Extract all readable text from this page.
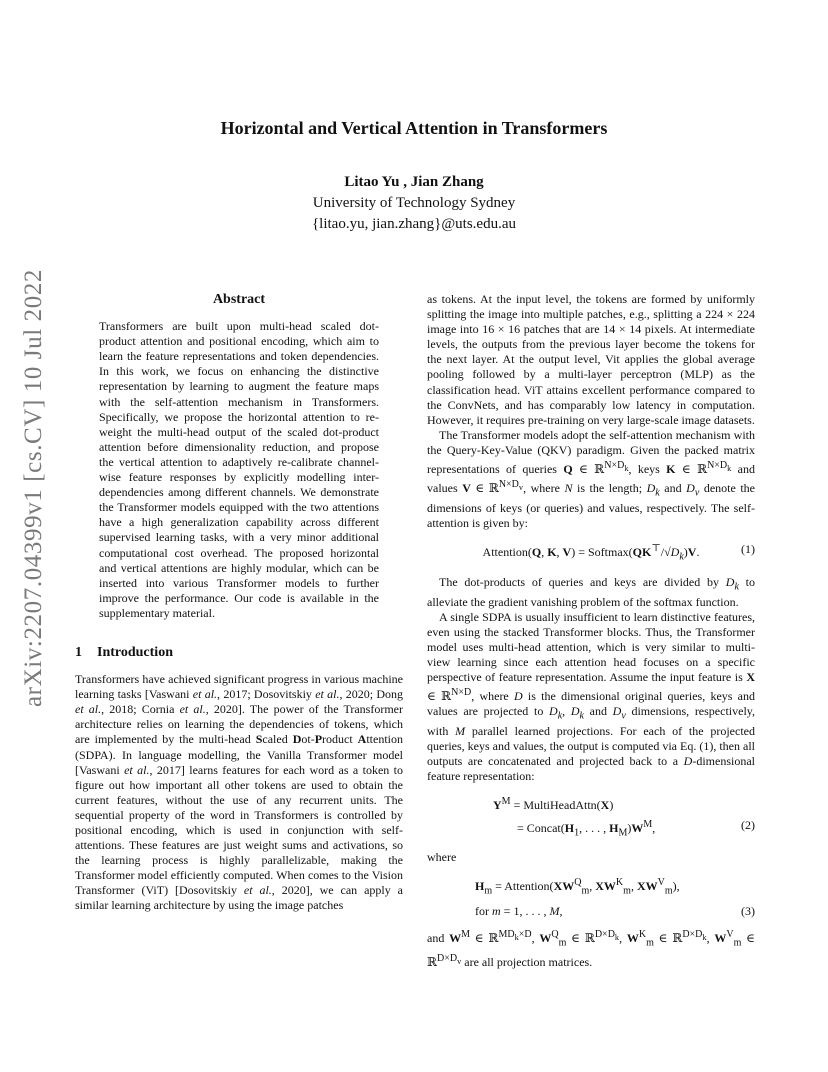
arXiv:2207.04399v1 [cs.CV] 10 Jul 2022
Horizontal and Vertical Attention in Transformers
Litao Yu , Jian Zhang
University of Technology Sydney
{litao.yu, jian.zhang}@uts.edu.au

Abstract

Transformers are built upon multi-head scaled dot-product attention and positional encoding, which aim to learn the feature representations and token dependencies. In this work, we focus on enhancing the distinctive representation by learning to augment the feature maps with the self-attention mechanism in Transformers. Specifically, we propose the horizontal attention to re-weight the multi-head output of the scaled dot-product attention before dimensionality reduction, and propose the vertical attention to adaptively re-calibrate channel-wise feature responses by explicitly modelling inter-dependencies among different channels. We demonstrate the Transformer models equipped with the two attentions have a high generalization capability across different supervised learning tasks, with a very minor additional computational cost overhead. The proposed horizontal and vertical attentions are highly modular, which can be inserted into various Transformer models to further improve the performance. Our code is available in the supplementary material.

1 Introduction

Transformers have achieved significant progress in various machine learning tasks [Vaswani et al., 2017; Dosovitskiy et al., 2020; Dong et al., 2018; Cornia et al., 2020]. The power of the Transformer architecture relies on learning the dependencies of tokens, which are implemented by the multi-head Scaled Dot-Product Attention (SDPA). In language modelling, the Vanilla Transformer model [Vaswani et al., 2017] learns features for each word as a token to figure out how important all other tokens are used to obtain the current features, without the use of any recurrent units. The sequential property of the word in Transformers is controlled by positional encoding, which is used in conjunction with self-attentions. These features are just weight sums and activations, so the learning process is highly parallelizable, making the Transformer model efficiently computed. When comes to the Vision Transformer (ViT) [Dosovitskiy et al., 2020], we can apply a similar learning architecture by using the image patches

as tokens. At the input level, the tokens are formed by uniformly splitting the image into multiple patches, e.g., splitting a 224 × 224 image into 16 × 16 patches that are 14 × 14 pixels. At intermediate levels, the outputs from the previous layer become the tokens for the next layer. At the output level, Vit applies the global average pooling followed by a multi-layer perceptron (MLP) as the classification head. ViT attains excellent performance compared to the ConvNets, and has comparably low latency in computation. However, it requires pre-training on very large-scale image datasets.

The Transformer models adopt the self-attention mechanism with the Query-Key-Value (QKV) paradigm. Given the packed matrix representations of queries Q ∈ ℝ$^{N\times D_k}$, keys K ∈ ℝ$^{N\times D_k}$ and values V ∈ ℝ$^{N\times D_v}$, where N is the length; $D_k$ and $D_v$ denote the dimensions of keys (or queries) and values, respectively. The self-attention is given by:

Attention(Q, K, $V) = Softmax(QK^⊤/√D_k)V$.	(1)

The dot-products of queries and keys are divided by $D_k$ to alleviate the gradient vanishing problem of the softmax function.

A single SDPA is usually insufficient to learn distinctive features, even using the stacked Transformer blocks. Thus, the Transformer model uses multi-head attention, which is very similar to multi-view learning since each attention head focuses on a specific perspective of feature representation. Assume the input feature is X ∈ ℝ$^{N\times D}$, where D is the dimensional original queries, keys and values are projected to $D_k$, $D_k$ and $D_v$ dimensions, respectively, with M parallel learned projections. For each of the projected queries, keys and values, the output is computed via Eq. (1), then all outputs are concatenated and projected back to a D-dimensional feature representation:

$Y^M$ = MultiHeadAttn(X)
= $Concat(H_1$, . . . , $H_M)W^M$,	(2)

where

$H_m$ = $Attention(XW^Q_m$, $XW^K_m$, $XW^V_m$),
for m = 1, . . . , M,	(3)

and $W^M$ ∈ ℝ$^{MD_k\times D}$, $W^Q_m$ ∈ ℝ$^{D\times D_k}$, $W^K_m$ ∈ ℝ$^{D\times D_k}$, $W^V_m$ ∈ ℝ$^{D\times D_v}$ are all projection matrices.
